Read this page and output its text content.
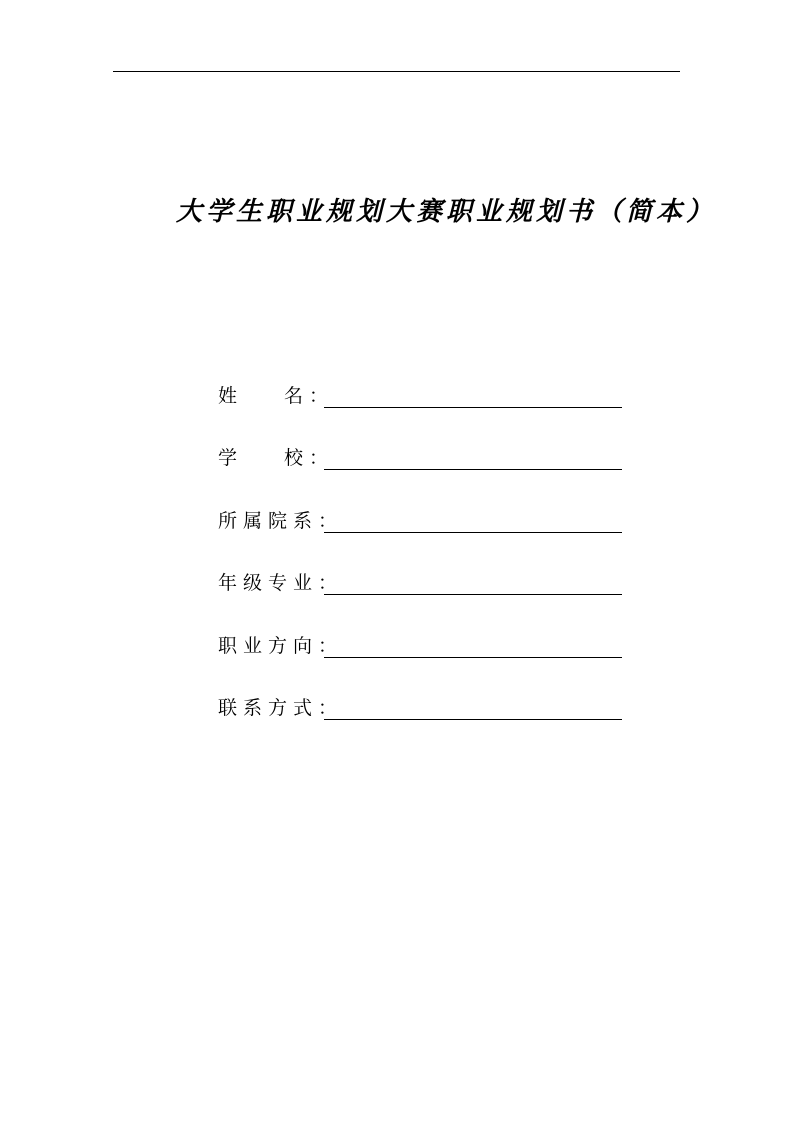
大学生职业规划大赛职业规划书（简本）
姓 名 ：
学 校 ：
所 属 院 系 ：
年 级 专 业 ：
职 业 方 向 ：
联 系 方 式 ：
